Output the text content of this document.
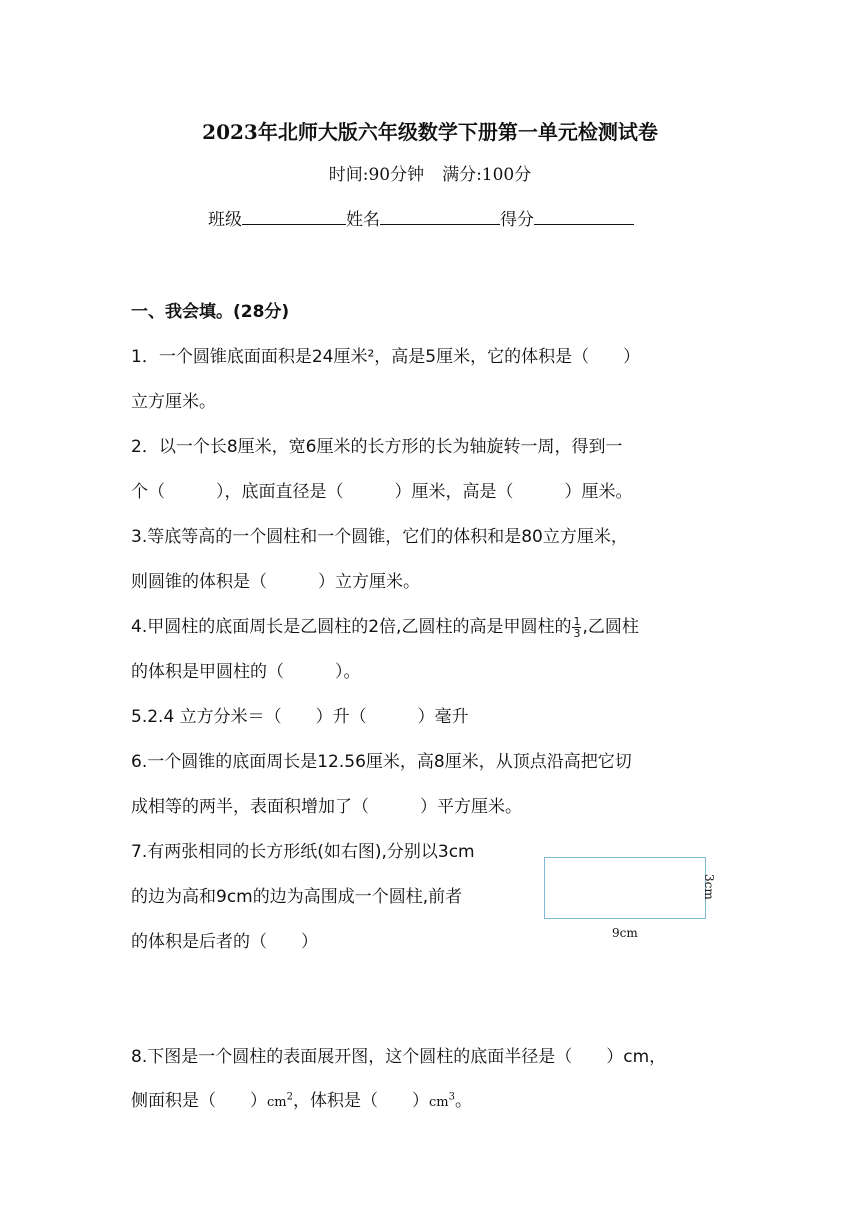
2023年北师大版六年级数学下册第一单元检测试卷
时间:90分钟 满分:100分
班级	姓名	得分
一、我会填。(28分)
1．一个圆锥底面面积是24厘米²，高是5厘米，它的体积是（　　）
立方厘米。
2．以一个长8厘米，宽6厘米的长方形的长为轴旋转一周，得到一
个（　　　），底面直径是（　　　）厘米，高是（　　　）厘米。
3.等底等高的一个圆柱和一个圆锥，它们的体积和是80立方厘米，
则圆锥的体积是（　　　）立方厘米。
4.甲圆柱的底面周长是乙圆柱的2倍,乙圆柱的高是甲圆柱的 $\frac{1}{3}$ ,乙圆柱
的体积是甲圆柱的（　　　）。
5.2.4 立方分米＝（　　）升（　　　）毫升
6.一个圆锥的底面周长是12.56厘米，高8厘米，从顶点沿高把它切
成相等的两半，表面积增加了（　　　）平方厘米。
7.有两张相同的长方形纸(如右图),分别以3cm
的边为高和9cm的边为高围成一个圆柱,前者
的体积是后者的（　　）
3cm
9cm
8.下图是一个圆柱的表面展开图，这个圆柱的底面半径是（　　）cm，
侧面积是（　　）$cm^2$，体积是（　　）$cm^3$。
